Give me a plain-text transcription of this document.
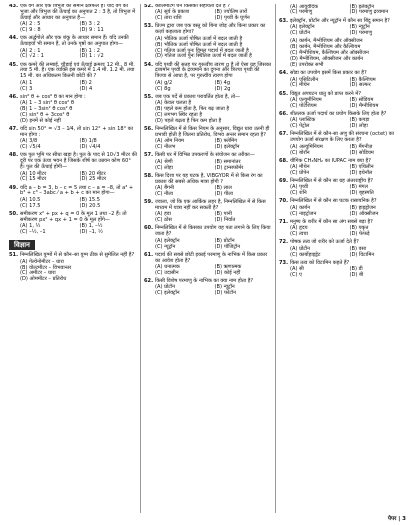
43. एक वर्ग और एक त्रिभुज का समान क्षेत्रफल है। यदि वर्ग की भुजा और त्रिभुज की ऊँचाई का अनुपात 2 : 3 है, तो त्रिभुज में ऊँचाई और आधार का अनुपात है—
(A) 2 : 5	(B) 3 : 2
(C) 9 : 8	(D) 9 : 11
44. एक अर्द्धगोले और एक शंकु के आधार समान हैं। यदि उनकी ऊँचाइयाँ भी समान हैं, तो उनके पृष्ठों का अनुपात होगा—
(A) 2 : 1	(B) 1 : 2
(C) √2 : 1	(D) 1 : √2
45. एक कमरे की लम्बाई, चौड़ाई एवं ऊँचाई क्रमशः 12 मी., 8 मी. तथा 5 मी. है। एक व्यक्ति इस कमरे में 1.4 मी. 1.2 मी. तथा 15 मी. का अधिकतम कितनी छोटी की ?
(A) 1	(B) 2
(C) 3	(D) 4
46. sin⁶ θ + cos⁶ θ का मान होगा :
(A) 1 – 3 sin² θ cos² θ
(B) 1 – 3sin² θ cos² θ
(C) sin² θ + 3cos² θ
(D) इनमें से कोई नहीं
47. यदि sin 50° = √3 – 1⁄4, तो sin 12° + sin 18° का मान होगा :
(A) 3/8	(B) 1/8
(C) √5/4	(D) √4/4
48. एक पुल भूमि पर सीधा खड़ा है। पुल के पाद से 10√3 मीटर की दूरी पर एक ऊंचा भवन है जिसके शीर्ष का उन्नयन कोण 60° है। पुल की ऊँचाई होगी—
(A) 10 मीटर	(B) 20 मीटर
(C) 15 मीटर	(D) 25 मीटर
49. यदि a – b = 3, b – c = 5 तथा c – a = –8, तो a³ + b³ + c³ – 3abc ⁄ a + b + c का मान होगा—
(A) 10.5	(B) 15.5
(C) 17.5	(D) 20.5
50. समीकरण x² + px + q = 0 के मूल 1 तथा –2 हैं। तो समीकरण px² + qx + 1 = 0 के मूल होंगे—
(A) 1, ½	(B) 1, –½
(C) –½, –1	(D) –1, ½
विज्ञान
51. निम्नलिखित युग्मों में से कौन–सा युग्म ठीक से सुमेलित नहीं है?
(A) गेल्वेनोमीटर – धारा
(B) वोल्टमीटर – विभवान्तर
(C) अमीटर – धारा
(D) ओममीटर – प्रतिरोध
52. कोलिमेटिंग घन किसकी सहायता देते हैं ?
(A) सूर्य के प्रकाश	(B) ज्योतिष तारों
(C) तारा राशि	(D) पृथ्वी के घूर्णन
53. प्रिज्म द्वारा जब एक वस्तु को बिना जोड़ और किना प्रकार का कर्ज़ा कहलाता होगा?
(A) भौतिक ऊर्जा पोषित ऊर्जा में बदल जाती है
(B) भौतिक ऊर्जा पोषित ऊर्जा में बदल जाती है
(C) गतिज ऊर्जा पुनः विमल पदार्थ में बदल जाती है
(D) गतिज ऊर्जा पुनः स्थितिज ऊर्जा में बदल जाती है
54. यदि पृथ्वी की सतह पर गुरुत्वीय त्वरण g है तो ऐसा ग्रह जिसका द्रव्यमान पृथ्वी के द्रव्यमान का दुगना और त्रिज्या पृथ्वी की त्रिज्या से आधा है, पर गुरुत्वीय त्वरण होगा
(A) g/2	(B) 4g
(C) 8g	(D) 2g
55. जब एक पर्दे से प्रकाश परावर्तित होता है, तो—
(A) केवल चलता है
(B) पहले कम होता है, फिर बढ़ जाता है
(C) लगभग स्थिर रहता है
(D) पहले बढ़ता है फिर कम होता है
56. निम्नलिखित में से किस नियम के अनुसार, विद्युत धारा उतनी ही प्रभावी होती है जितना प्रतिरोध, विभव अन्तर समान रहता है?
(A) ओम नियम	(B) फ्लेमिंग
(C) नीलभ	(D) इलेक्ट्रॉन
57. किसी घर में विभिन्न उपकरणों के संयोजन का तरीका—
(A) श्रेणी	(B) समानांतर
(C) लोहा	(D) ट्रान्सफॉर्मर
58. किस दिशा पर यह घटक है, VIBGYOR में से किस रंग का प्रकाश की सबसे अधिक मात्रा होगी ?
(A) बैंगनी	(B) लाल
(C) नीला	(D) पीला
59. ज्वाला, जो कि एक आर्किक लहर है, निम्नलिखित में से किस माध्यम में यात्रा नहीं कर सकती है?
(A) हवा	(B) पानी
(C) ठोस	(D) निर्वात
60. निम्नलिखित में से किसका उपयोग यह पता लगाने के लिए किया जाता है?
(A) इलेक्ट्रॉन	(B) प्रोटॉन
(C) न्यूट्रॉन	(D) पॉजिट्रॉन
61. पदार्थ की सबसे छोटी इकाई परमाणु के नाभिक में किस प्रकार का आवेश होता है?
(A) धनात्मक	(B) ऋणात्मक
(C) उदासीन	(D) कोई नहीं
62. किसी विशेष परमाणु के नाभिक का क्या नाम होता है?
(A) प्रोटॉन	(B) न्यूट्रॉन
(C) इलेक्ट्रॉन	(D) फोटॉन
(A) आयुर्वेदिक	(B) इलेक्ट्रॉन
(C) परमाणु	(D) परमाणु द्रव्यमान
63. इलेक्ट्रॉन, प्रोटॉन और न्यूट्रॉन में कौन सा बिंदु समान है?
(A) इलेक्ट्रॉन	(B) न्यूट्रॉन
(C) प्रोटॉन	(D) परमाणु
(A) कार्बन, मैग्नीशियम और ऑक्सीजन
(B) कार्बन, मैग्नीशियम और कैल्शियम
(C) मैग्नीशियम, कैल्शियम और ऑक्सीजन
(D) मैग्नीशियम, ऑक्सीजन और कार्बन
(E) उपरोक्त सभी
64. सोडा का उपयोग इसमें किस प्रकार का है?
(A) एसिटिलीन	(B) कैल्शियम
(C) मीथेन	(D) सल्फर
65. विद्युत अपघटन धातु को प्राप्त करने में?
(A) एल्युमीनियम	(B) सोडियम
(C) पोटेशियम	(D) मैग्नीशियम
66. शीतलक ऊर्जा पदार्थ का प्रयोग किसके लिए होता है?
(A) प्लास्टिक	(B) कपड़ा
(C) पेट्रोल	(D) लोहा
67. निम्नलिखित में से कौन-सा अणु की संरचना (octet) का उपयोग ऊर्जा संरक्षण के लिए करता है?
(A) अल्युमिनियम	(B) मैंगनीज़
(C) बोरॉन	(D) सोडियम
68. यौगिक CH₃NH₂ का IUPAC नाम क्या है?
(A) मीथेन	(B) एथिलीन
(C) प्रोपेन	(D) इथेनॉल
69. निम्नलिखित में से कौन सा ग्रह अंतरराष्ट्रीय है?
(A) पृथ्वी	(B) मंगल
(C) शनि	(D) बृहस्पति
70. निम्नलिखित में से कौन सा घटक रासायनिक है?
(A) कार्बन	(B) हाइड्रोजन
(C) नाइट्रोजन	(D) ऑक्सीजन
71. मनुष्य के शरीर में कौन सा अंग सबसे बड़ा है?
(A) हृदय	(B) यकृत
(C) त्वचा	(D) फेफड़े
72. पोषक तत्व जो शरीर को ऊर्जा देते हैं?
(A) प्रोटीन	(B) वसा
(C) कार्बोहाइड्रेट	(D) विटामिन
73. किस तत्व को विटामिन कहते हैं?
(A) सी	(B) डी
(C) ए	(D) बी
पेपर | 3
